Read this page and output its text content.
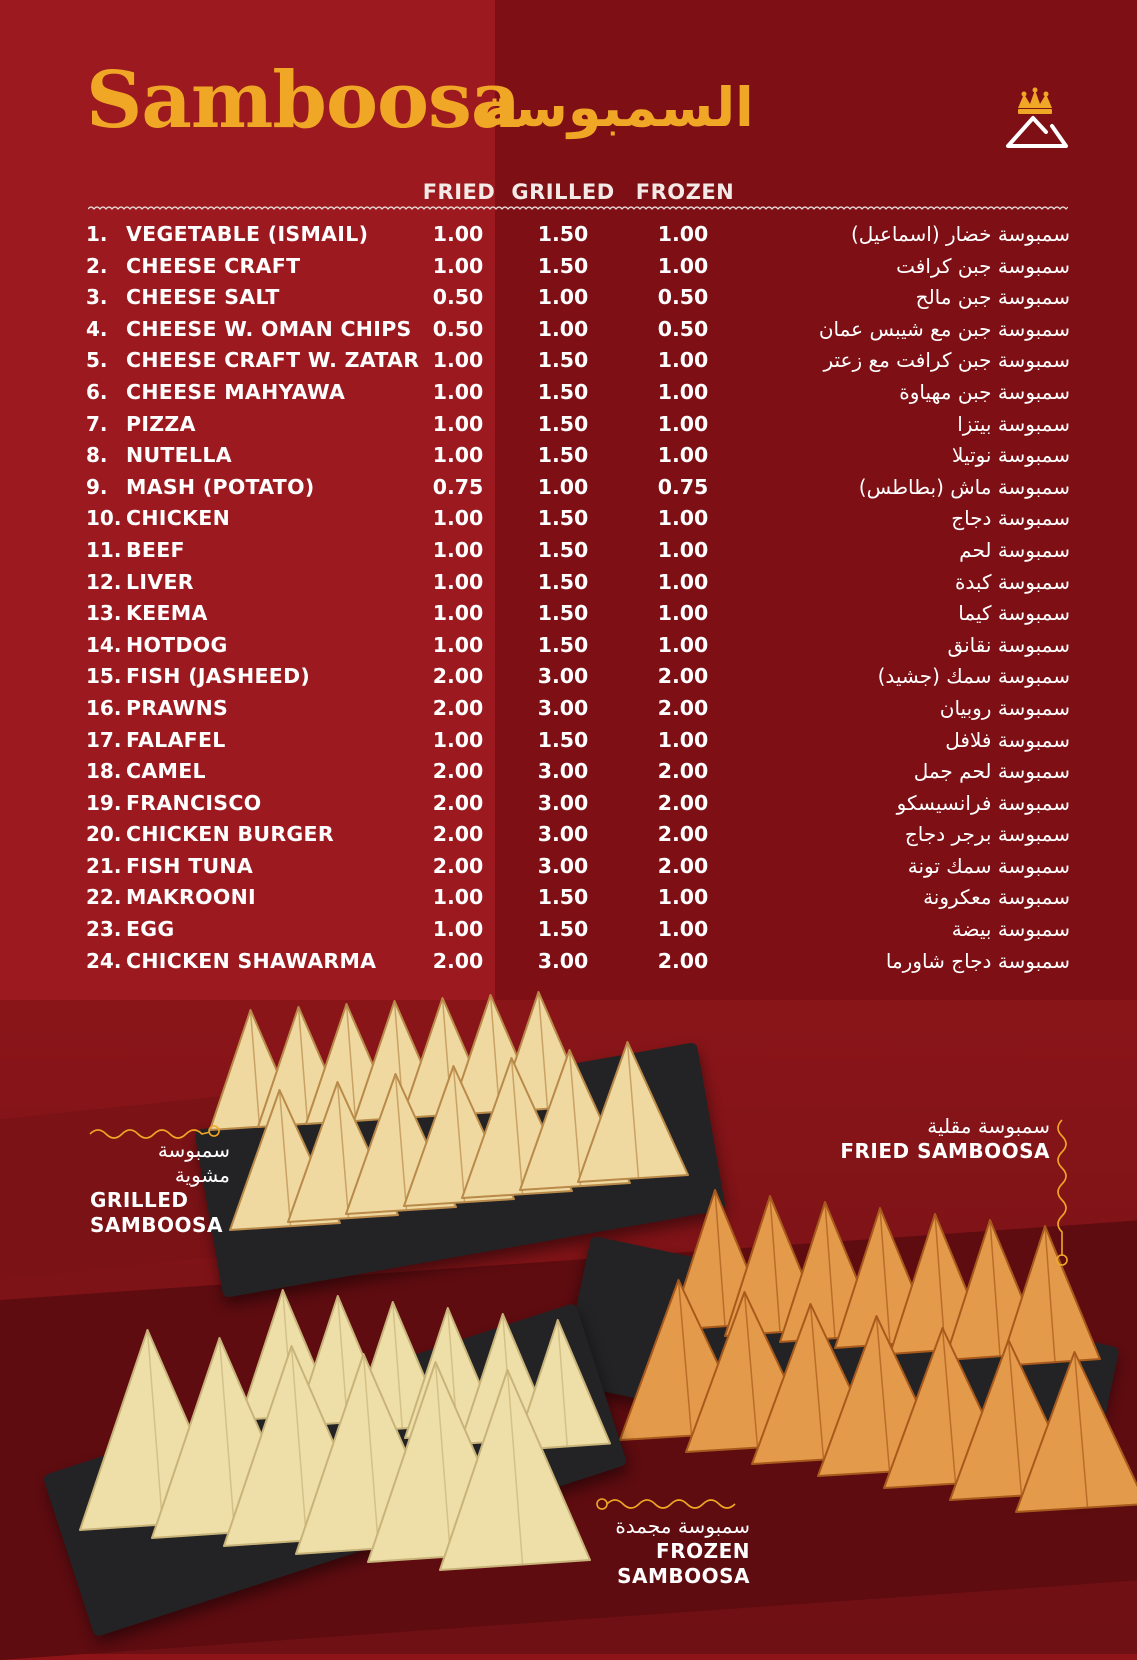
Samboosa
السمبوسة
FRIED GRILLED FROZEN
1. VEGETABLE (ISMAIL)	1.00	1.50	1.00	سمبوسة خضار (اسماعيل)
2. CHEESE CRAFT	1.00	1.50	1.00	سمبوسة جبن كرافت
3. CHEESE SALT	0.50	1.00	0.50	سمبوسة جبن مالح
4. CHEESE W. OMAN CHIPS	0.50	1.00	0.50	سمبوسة جبن مع شيبس عمان
5. CHEESE CRAFT W. ZATAR 1.00	1.50	1.00	سمبوسة جبن كرافت مع زعتر
6. CHEESE MAHYAWA	1.00	1.50	1.00	سمبوسة جبن مهياوة
7. PIZZA	1.00	1.50	1.00	سمبوسة بيتزا
8. NUTELLA	1.00	1.50	1.00	سمبوسة نوتيلا
9. MASH (POTATO)	0.75	1.00	0.75	سمبوسة ماش (بطاطس)
10. CHICKEN	1.00	1.50	1.00	سمبوسة دجاج
11. BEEF	1.00	1.50	1.00	سمبوسة لحم
12. LIVER	1.00	1.50	1.00	سمبوسة كبدة
13. KEEMA	1.00	1.50	1.00	سمبوسة كيما
14. HOTDOG	1.00	1.50	1.00	سمبوسة نقانق
15. FISH (JASHEED)	2.00	3.00	2.00	سمبوسة سمك (جشيد)
16. PRAWNS	2.00	3.00	2.00	سمبوسة روبيان
17. FALAFEL	1.00	1.50	1.00	سمبوسة فلافل
18. CAMEL	2.00	3.00	2.00	سمبوسة لحم جمل
19. FRANCISCO	2.00	3.00	2.00	سمبوسة فرانسيسكو
20. CHICKEN BURGER	2.00	3.00	2.00	سمبوسة برجر دجاج
21. FISH TUNA	2.00	3.00	2.00	سمبوسة سمك تونة
22. MAKROONI	1.00	1.50	1.00	سمبوسة معكرونة
23. EGG	1.00	1.50	1.00	سمبوسة بيضة
24. CHICKEN SHAWARMA	2.00	3.00	2.00	سمبوسة دجاج شاورما
سمبوسة
مشوية
GRILLED
SAMBOOSA
سمبوسة مقلية
FRIED SAMBOOSA
سمبوسة مجمدة
FROZEN SAMBOOSA
